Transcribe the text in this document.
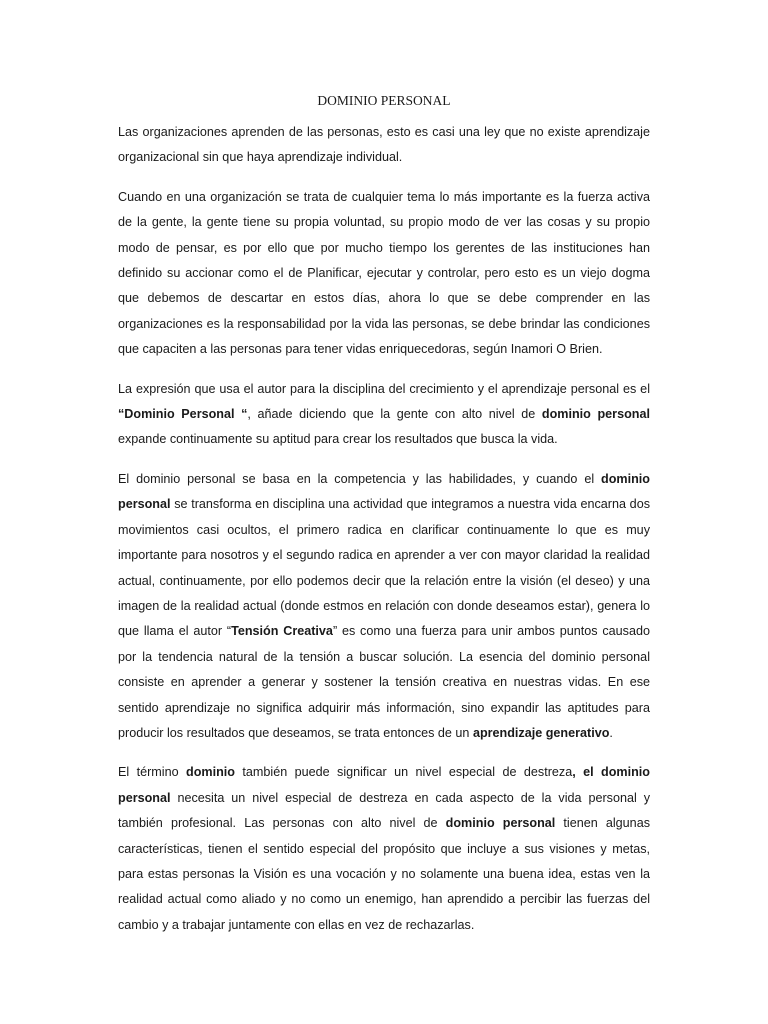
DOMINIO PERSONAL

Las organizaciones aprenden de las personas, esto es casi una ley que no existe aprendizaje organizacional sin que haya aprendizaje individual.

Cuando en una organización se trata de cualquier tema lo más importante es la fuerza activa de la gente, la gente tiene su propia voluntad, su propio modo de ver las cosas y su propio modo de pensar, es por ello que por mucho tiempo los gerentes de las instituciones han definido su accionar como el de Planificar, ejecutar y controlar, pero esto es un viejo dogma que debemos de descartar en estos días, ahora lo que se debe comprender en las organizaciones es la responsabilidad por la vida las personas, se debe brindar las condiciones que capaciten a las personas para tener vidas enriquecedoras, según Inamori O Brien.

La expresión que usa el autor para la disciplina del crecimiento y el aprendizaje personal es el “Dominio Personal “, añade diciendo que la gente con alto nivel de dominio personal expande continuamente su aptitud para crear los resultados que busca la vida.

El dominio personal se basa en la competencia y las habilidades, y cuando el dominio personal se transforma en disciplina una actividad que integramos a nuestra vida encarna dos movimientos casi ocultos, el primero radica en clarificar continuamente lo que es muy importante para nosotros y el segundo radica en aprender a ver con mayor claridad la realidad actual, continuamente, por ello podemos decir que la relación entre la visión (el deseo) y una imagen de la realidad actual (donde estmos en relación con donde deseamos estar), genera lo que llama el autor “Tensión Creativa” es como una fuerza para unir ambos puntos causado por la tendencia natural de la tensión a buscar solución. La esencia del dominio personal consiste en aprender a generar y sostener la tensión creativa en nuestras vidas. En ese sentido aprendizaje no significa adquirir más información, sino expandir las aptitudes para producir los resultados que deseamos, se trata entonces de un aprendizaje generativo.

El término dominio también puede significar un nivel especial de destreza, el dominio personal necesita un nivel especial de destreza en cada aspecto de la vida personal y también profesional. Las personas con alto nivel de dominio personal tienen algunas características, tienen el sentido especial del propósito que incluye a sus visiones y metas, para estas personas la Visión es una vocación y no solamente una buena idea, estas ven la realidad actual como aliado y no como un enemigo, han aprendido a percibir las fuerzas del cambio y a trabajar juntamente con ellas en vez de rechazarlas.
